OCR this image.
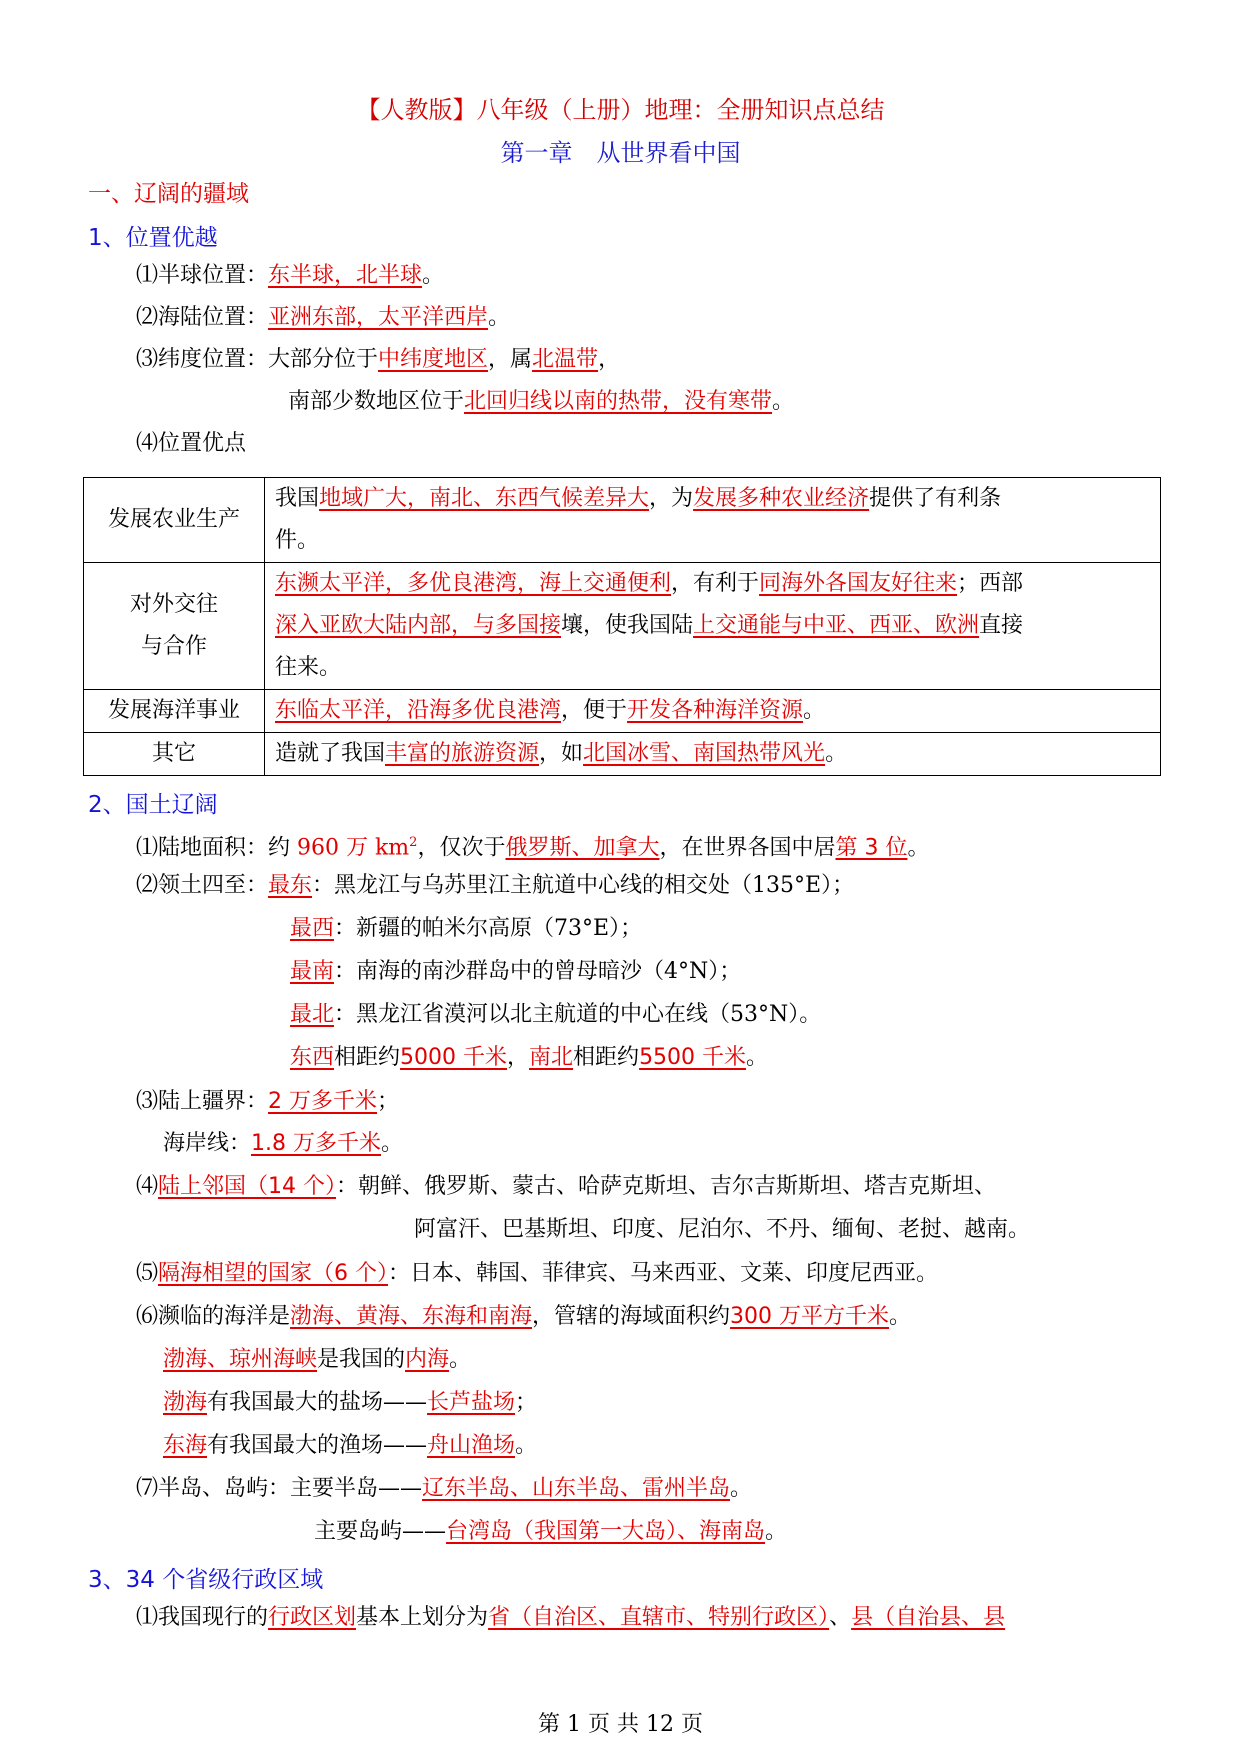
【人教版】八年级（上册）地理：全册知识点总结
第一章　从世界看中国
一、辽阔的疆域
1、位置优越
⑴半球位置：东半球，北半球。
⑵海陆位置：亚洲东部，太平洋西岸。
⑶纬度位置：大部分位于中纬度地区，属北温带，
南部少数地区位于北回归线以南的热带，没有寒带。
⑷位置优点
发展农业生产	我国地域广大，南北、东西气候差异大，为发展多种农业经济提供了有利条
件。
对外交往
与合作	东濒太平洋，多优良港湾，海上交通便利，有利于同海外各国友好往来；西部
深入亚欧大陆内部，与多国接壤，使我国陆上交通能与中亚、西亚、欧洲直接
往来。
发展海洋事业	东临太平洋，沿海多优良港湾，便于开发各种海洋资源。
其它	造就了我国丰富的旅游资源，如北国冰雪、南国热带风光。
2、国土辽阔
⑴陆地面积：约 960 万 $km^2$，仅次于俄罗斯、加拿大，在世界各国中居第 3 位。
⑵领土四至：最东：黑龙江与乌苏里江主航道中心线的相交处（135°E）；
最西：新疆的帕米尔高原（73°E）；
最南：南海的南沙群岛中的曾母暗沙（4°N）；
最北：黑龙江省漠河以北主航道的中心在线（53°N）。
东西相距约5000 千米，南北相距约5500 千米。
⑶陆上疆界：2 万多千米；
海岸线：1.8 万多千米。
⑷陆上邻国（14 个）：朝鲜、俄罗斯、蒙古、哈萨克斯坦、吉尔吉斯斯坦、塔吉克斯坦、
阿富汗、巴基斯坦、印度、尼泊尔、不丹、缅甸、老挝、越南。
⑸隔海相望的国家（6 个）：日本、韩国、菲律宾、马来西亚、文莱、印度尼西亚。
⑹濒临的海洋是渤海、黄海、东海和南海，管辖的海域面积约300 万平方千米。
渤海、琼州海峡是我国的内海。
渤海有我国最大的盐场——长芦盐场；
东海有我国最大的渔场——舟山渔场。
⑺半岛、岛屿：主要半岛——辽东半岛、山东半岛、雷州半岛。
主要岛屿——台湾岛（我国第一大岛）、海南岛。
3、34 个省级行政区域
⑴我国现行的行政区划基本上划分为省（自治区、直辖市、特别行政区）、县（自治县、县
第 1 页 共 12 页
